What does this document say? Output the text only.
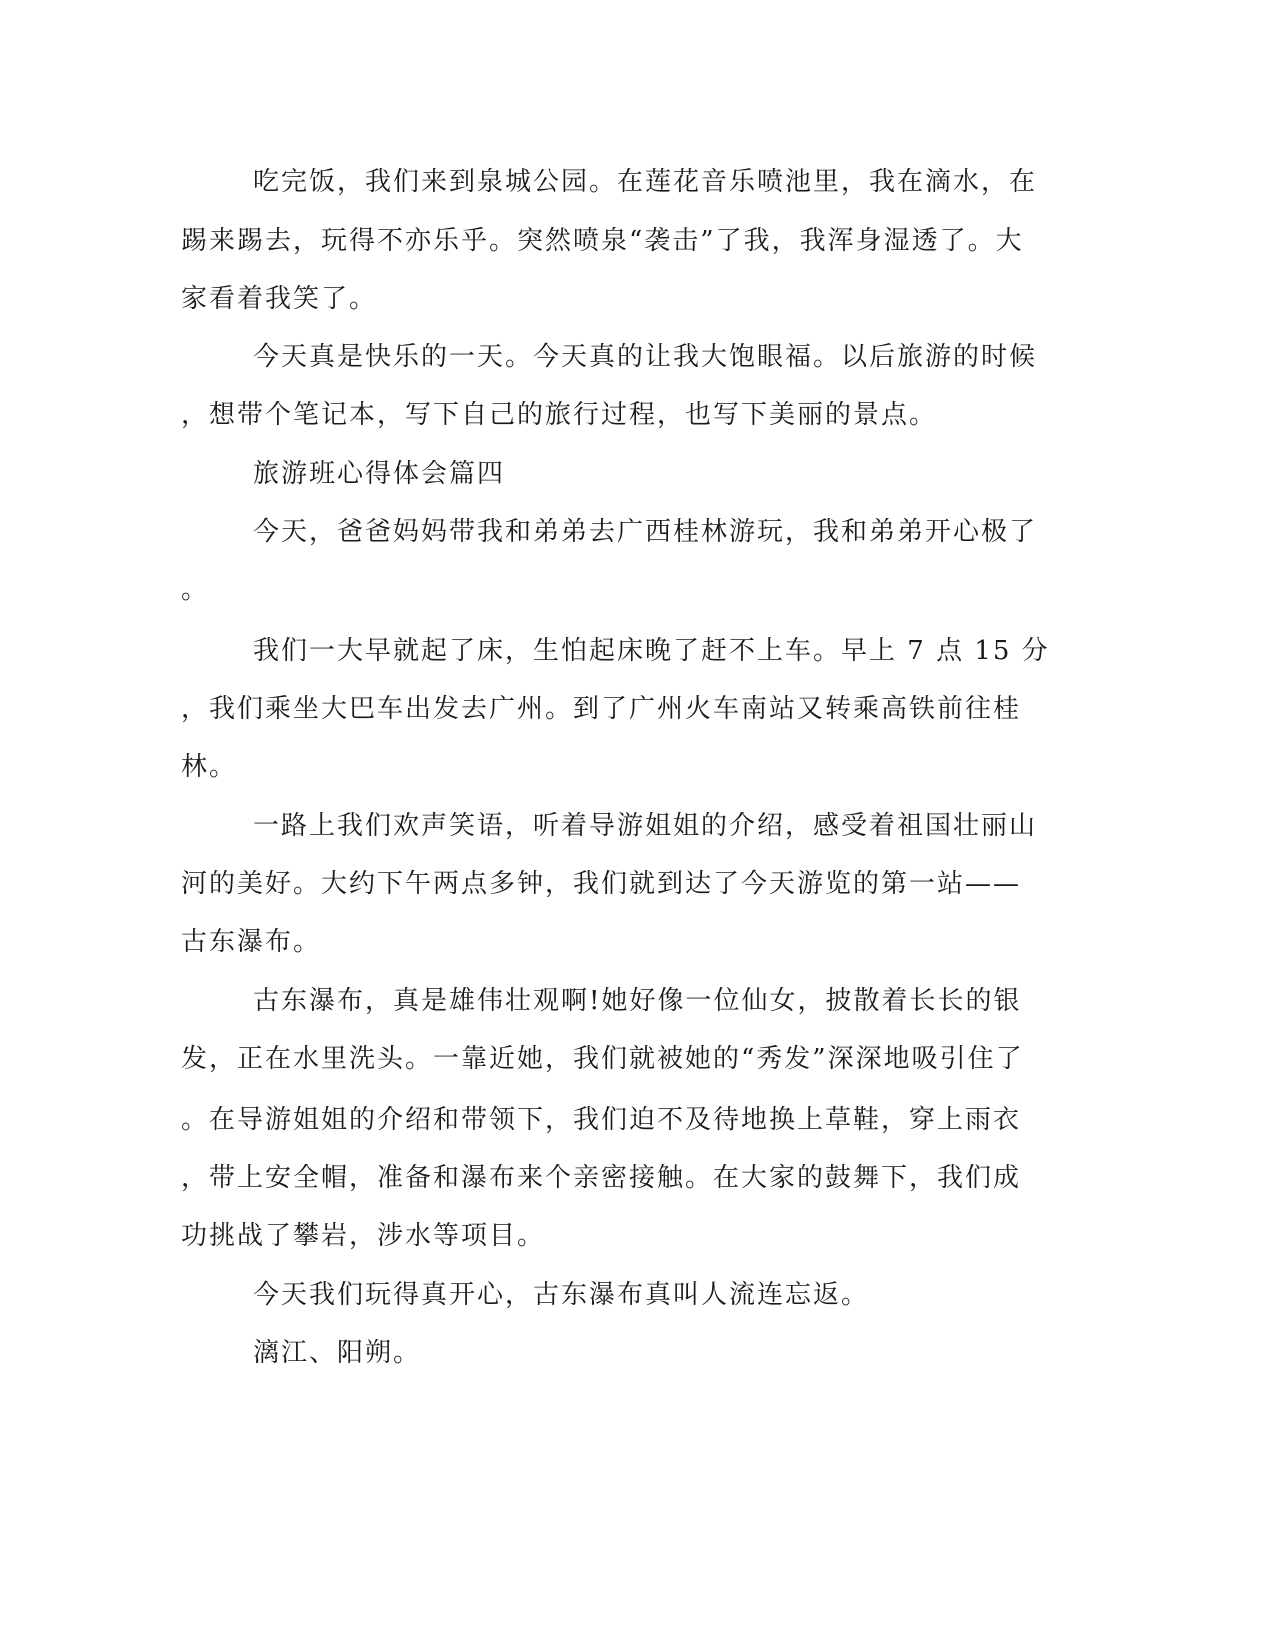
吃完饭，我们来到泉城公园。在莲花音乐喷池里，我在滴水，在
踢来踢去，玩得不亦乐乎。突然喷泉“袭击”了我，我浑身湿透了。大
家看着我笑了。
今天真是快乐的一天。今天真的让我大饱眼福。以后旅游的时候
，想带个笔记本，写下自己的旅行过程，也写下美丽的景点。
旅游班心得体会篇四
今天，爸爸妈妈带我和弟弟去广西桂林游玩，我和弟弟开心极了
。
我们一大早就起了床，生怕起床晚了赶不上车。早上 7 点 15 分
，我们乘坐大巴车出发去广州。到了广州火车南站又转乘高铁前往桂
林。
一路上我们欢声笑语，听着导游姐姐的介绍，感受着祖国壮丽山
河的美好。大约下午两点多钟，我们就到达了今天游览的第一站——
古东瀑布。
古东瀑布，真是雄伟壮观啊!她好像一位仙女，披散着长长的银
发，正在水里洗头。一靠近她，我们就被她的“秀发”深深地吸引住了
。在导游姐姐的介绍和带领下，我们迫不及待地换上草鞋，穿上雨衣
，带上安全帽，准备和瀑布来个亲密接触。在大家的鼓舞下，我们成
功挑战了攀岩，涉水等项目。
今天我们玩得真开心，古东瀑布真叫人流连忘返。
漓江、阳朔。
